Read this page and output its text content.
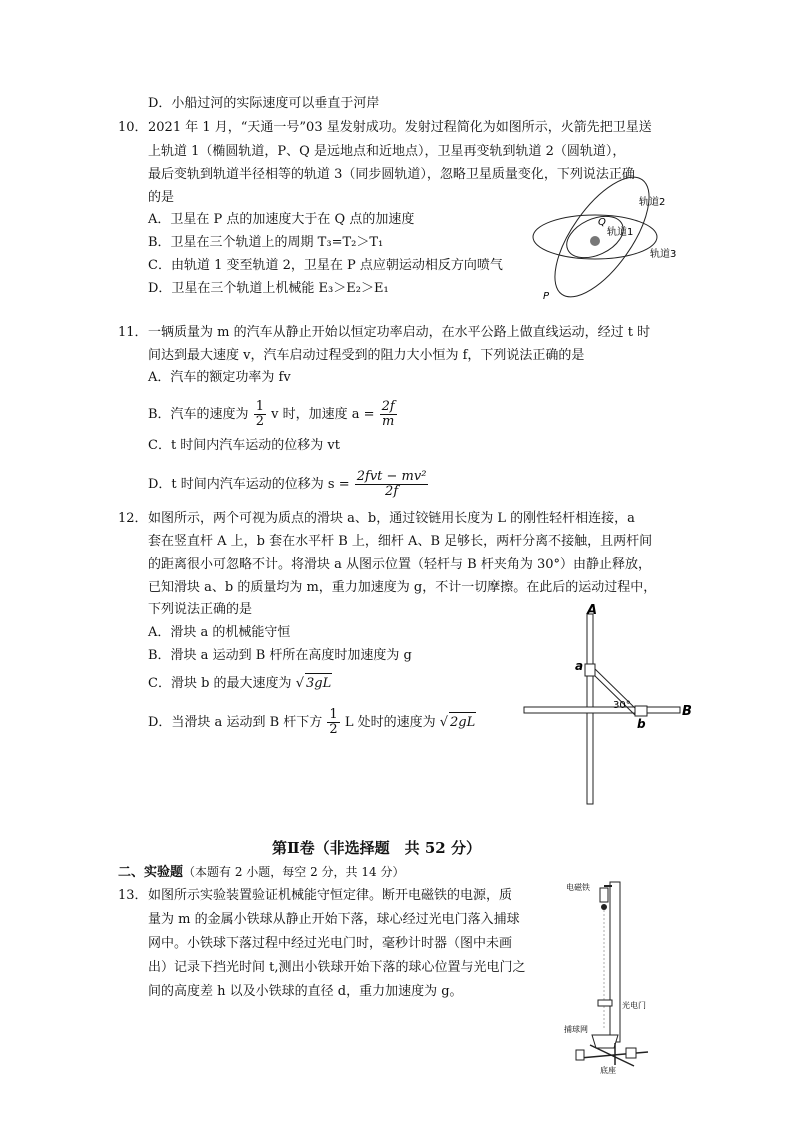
D．小船过河的实际速度可以垂直于河岸
10． 2021 年 1 月，“天通一号”03 星发射成功。发射过程简化为如图所示，火箭先把卫星送
上轨道 1（椭圆轨道，P、Q 是远地点和近地点），卫星再变轨到轨道 2（圆轨道），
最后变轨到轨道半径相等的轨道 3（同步圆轨道），忽略卫星质量变化，下列说法正确
的是
A．卫星在 P 点的加速度大于在 Q 点的加速度
B．卫星在三个轨道上的周期 T₃=T₂＞T₁
C．由轨道 1 变至轨道 2，卫星在 P 点应朝运动相反方向喷气
D．卫星在三个轨道上机械能 E₃＞E₂＞E₁
轨道2
轨道1
轨道3
Q
P
11． 一辆质量为 m 的汽车从静止开始以恒定功率启动，在水平公路上做直线运动，经过 t 时
间达到最大速度 v，汽车启动过程受到的阻力大小恒为 f，下列说法正确的是
A．汽车的额定功率为 fv
B．汽车的速度为 $\frac{1}{2}$ v 时，加速度 $a = \frac{2f}{m}$
C．t 时间内汽车运动的位移为 vt
D．t 时间内汽车运动的位移为 $s = \frac{\text{2fvt − mv²}}{2f}$
12． 如图所示，两个可视为质点的滑块 a、b，通过铰链用长度为 L 的刚性轻杆相连接，a
套在竖直杆 A 上，b 套在水平杆 B 上，细杆 A、B 足够长，两杆分离不接触，且两杆间
的距离很小可忽略不计。将滑块 a 从图示位置（轻杆与 B 杆夹角为 30°）由静止释放，
已知滑块 a、b 的质量均为 m，重力加速度为 g，不计一切摩擦。在此后的运动过程中，
下列说法正确的是
A．滑块 a 的机械能守恒
B．滑块 a 运动到 B 杆所在高度时加速度为 g
C．滑块 b 的最大速度为 √ 3gL
D．当滑块 a 运动到 B 杆下方 $\frac{1}{2}$ L 处时的速度为 √ 2gL
A
B
a
b
30°
第Ⅱ卷（非选择题　共 52 分）
二、实验题（本题有 2 小题，每空 2 分，共 14 分）
13． 如图所示实验装置验证机械能守恒定律。断开电磁铁的电源，质
量为 m 的金属小铁球从静止开始下落，球心经过光电门落入捕球
网中。小铁球下落过程中经过光电门时，毫秒计时器（图中未画
出）记录下挡光时间 t,测出小铁球开始下落的球心位置与光电门之
间的高度差 h 以及小铁球的直径 d，重力加速度为 g。
电磁铁
光电门
捕球网
底座
